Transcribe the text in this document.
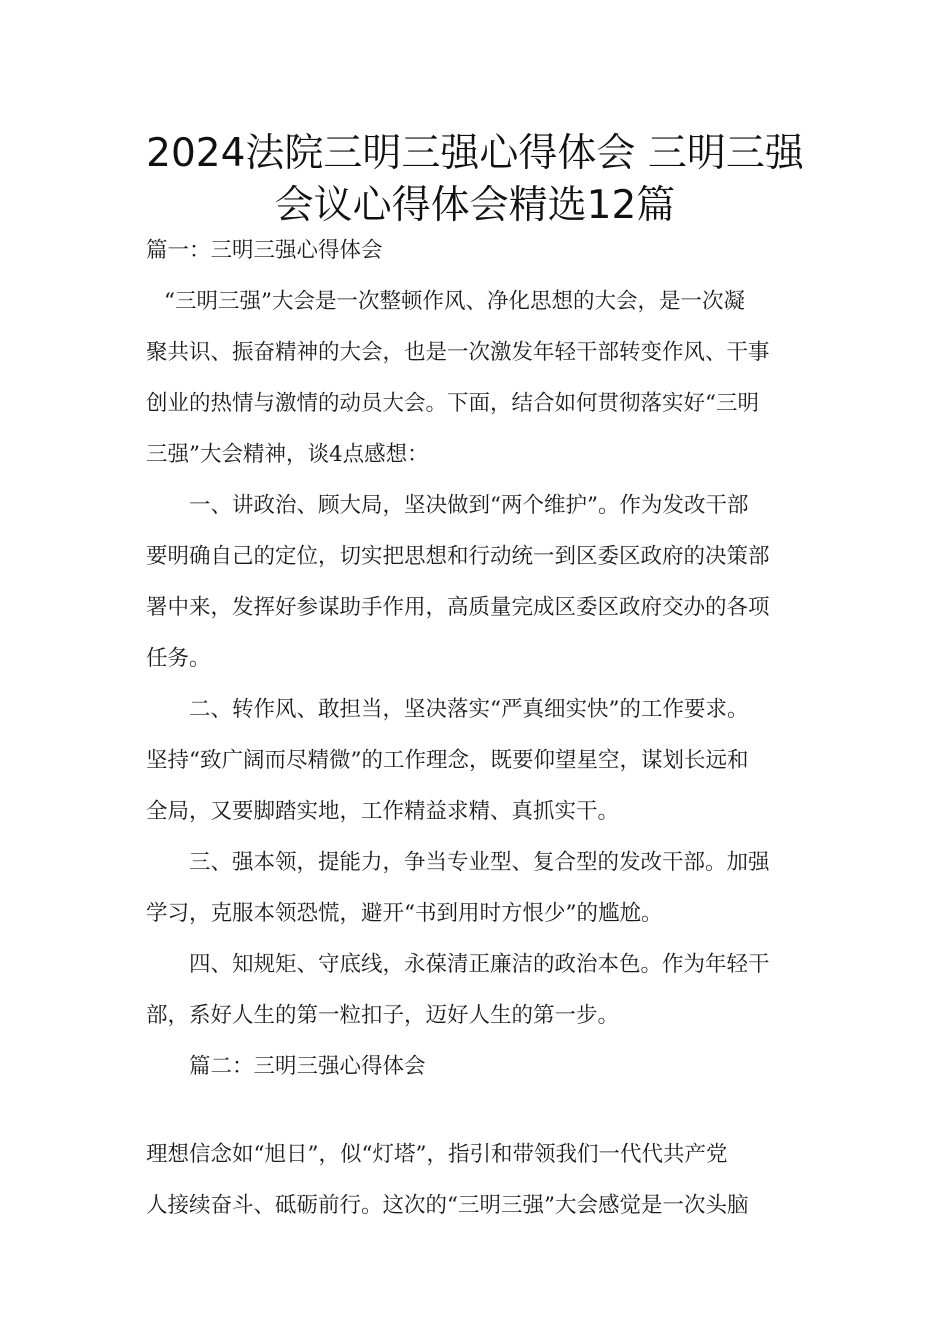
2024法院三明三强心得体会 三明三强
会议心得体会精选12篇
篇一：三明三强心得体会
“三明三强”大会是一次整顿作风、净化思想的大会，是一次凝
聚共识、振奋精神的大会，也是一次激发年轻干部转变作风、干事
创业的热情与激情的动员大会。下面，结合如何贯彻落实好“三明
三强”大会精神，谈4点感想：
一、讲政治、顾大局，坚决做到“两个维护”。作为发改干部
要明确自己的定位，切实把思想和行动统一到区委区政府的决策部
署中来，发挥好参谋助手作用，高质量完成区委区政府交办的各项
任务。
二、转作风、敢担当，坚决落实“严真细实快”的工作要求。
坚持“致广阔而尽精微”的工作理念，既要仰望星空，谋划长远和
全局，又要脚踏实地，工作精益求精、真抓实干。
三、强本领，提能力，争当专业型、复合型的发改干部。加强
学习，克服本领恐慌，避开“书到用时方恨少”的尴尬。
四、知规矩、守底线，永葆清正廉洁的政治本色。作为年轻干
部，系好人生的第一粒扣子，迈好人生的第一步。
篇二：三明三强心得体会
理想信念如“旭日”，似“灯塔”，指引和带领我们一代代共产党
人接续奋斗、砥砺前行。这次的“三明三强”大会感觉是一次头脑
